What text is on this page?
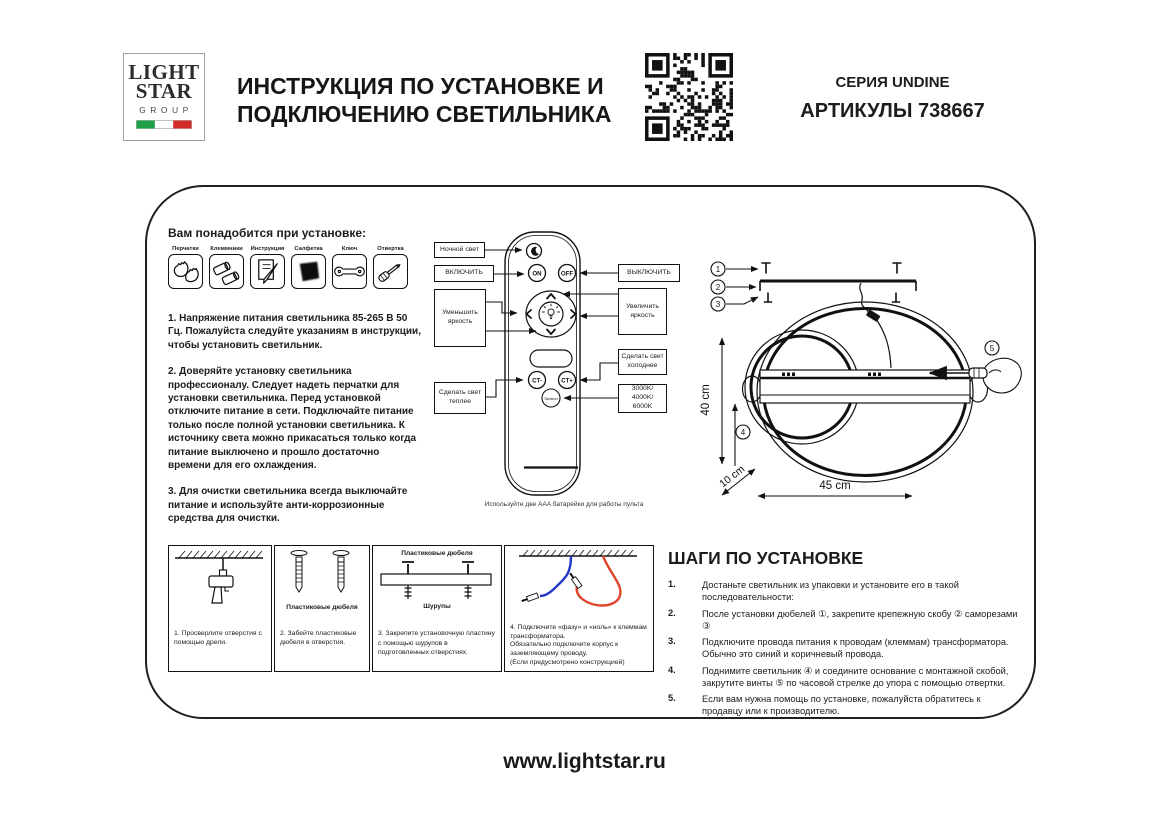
LIGHT
STAR
GROUP
ИНСТРУКЦИЯ ПО УСТАНОВКЕ И
ПОДКЛЮЧЕНИЮ СВЕТИЛЬНИКА
СЕРИЯ UNDINE
АРТИКУЛЫ 738667
Вам понадобится при установке:
Перчатки Клеммники Инструкция Салфетка	Ключ	Отвертка

1. Напряжение питания светильника 85-265 В 50 Гц. Пожалуйста следуйте указаниям в инструкции, чтобы установить светильник.

2. Доверяйте установку светильника профессионалу. Следует надеть перчатки для установки светильника. Перед установкой отключите питание в сети. Подключайте питание только после полной установки светильника. К источнику света можно прикасаться только когда питание выключено и прошло достаточно времени для его охлаждения.

3. Для очистки светильника всегда выключайте питание и используйте анти-коррозионные средства для очистки.

ON	OFF
CT-	CT+
Section
Ночной свет
ВКЛЮЧИТЬ
Уменьшить яркость
Сделать свет теплее
ВЫКЛЮЧИТЬ
Увеличить яркость
Сделать свет холоднее
3000K/ 4000K/ 6000K
Используйте две AAA батарейки для работы пульта
1
2
3
4
5
40 cm
10 cm	45 cm
1. Просверлите отверстия с помощью дрели.
Пластиковые дюбеля
2. Забейте пластиковые дюбеля в отверстия.
Пластиковые дюбеля
Шурупы
3. Закрепите установочную пластину с помощью шурупов в подготовленных отверстиях.
4. Подключите «фазу» и «ноль» к клеммам трансформатора.
Обязательно подключите корпус к заземляющему проводу.
(Если предусмотрено конструкцией)
ШАГИ ПО УСТАНОВКЕ
1.	Достаньте светильник из упаковки и установите его в такой последовательности:
2.	После установки дюбелей ①, закрепите крепежную скобу ② саморезами ③
3.	Подключите провода питания к проводам (клеммам) трансформатора. Обычно это синий и коричневый провода.
4.	Поднимите светильник ④ и соедините основание с монтажной скобой, закрутите винты ⑤ по часовой стрелке до упора с помощью отвертки.
5.	Если вам нужна помощь по установке, пожалуйста обратитесь к продавцу или к производителю.
www.lightstar.ru
